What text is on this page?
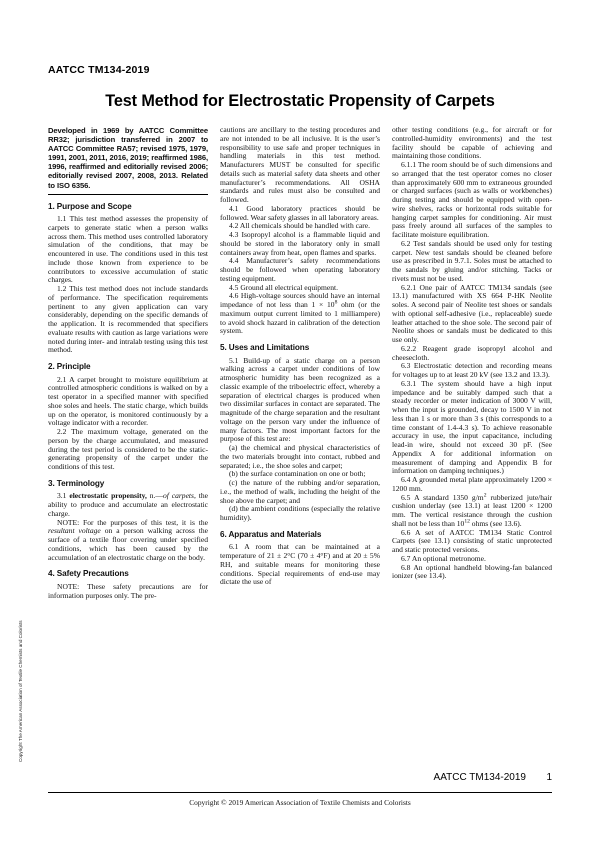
AATCC TM134-2019
Test Method for Electrostatic Propensity of Carpets
Developed in 1969 by AATCC Committee RR32; jurisdiction transferred in 2007 to AATCC Committee RA57; revised 1975, 1979, 1991, 2001, 2011, 2016, 2019; reaffirmed 1986, 1996, reaffirmed and editorially revised 2006; editorially revised 2007, 2008, 2013. Related to ISO 6356.
1. Purpose and Scope

1.1 This test method assesses the propensity of carpets to generate static when a person walks across them. This method uses controlled laboratory simulation of the conditions, that may be encountered in use. The conditions used in this test include those known from experience to be contributors to excessive accumulation of static charges.

1.2 This test method does not include standards of performance. The specification requirements pertinent to any given application can vary considerably, depending on the specific demands of the application. It is recommended that specifiers evaluate results with caution as large variations were noted during inter- and intralab testing using this test method.

2. Principle

2.1 A carpet brought to moisture equilibrium at controlled atmospheric conditions is walked on by a test operator in a specified manner with specified shoe soles and heels. The static charge, which builds up on the operator, is monitored continuously by a voltage indicator with a recorder.

2.2 The maximum voltage, generated on the person by the charge accumulated, and measured during the test period is considered to be the static-generating propensity of the carpet under the conditions of this test.

3. Terminology

3.1 electrostatic propensity, n.—of carpets, the ability to produce and accumulate an electrostatic charge.

NOTE: For the purposes of this test, it is the resultant voltage on a person walking across the surface of a textile floor covering under specified conditions, which has been caused by the accumulation of an electrostatic charge on the body.

4. Safety Precautions

NOTE: These safety precautions are for information purposes only. The pre-

cautions are ancillary to the testing procedures and are not intended to be all inclusive. It is the user’s responsibility to use safe and proper techniques in handling materials in this test method. Manufacturers MUST be consulted for specific details such as material safety data sheets and other manufacturer’s recommendations. All OSHA standards and rules must also be consulted and followed.

4.1 Good laboratory practices should be followed. Wear safety glasses in all laboratory areas.

4.2 All chemicals should be handled with care.

4.3 Isopropyl alcohol is a flammable liquid and should be stored in the laboratory only in small containers away from heat, open flames and sparks.

4.4 Manufacturer’s safety recommendations should be followed when operating laboratory testing equipment.

4.5 Ground all electrical equipment.

4.6 High-voltage sources should have an internal impedance of not less than $1 \times 10^8$ ohm (or the maximum output current limited to 1 milliampere) to avoid shock hazard in calibration of the detection system.

5. Uses and Limitations

5.1 Build-up of a static charge on a person walking across a carpet under conditions of low atmospheric humidity has been recognized as a classic example of the triboelectric effect, whereby a separation of electrical charges is produced when two dissimilar surfaces in contact are separated. The magnitude of the charge separation and the resultant voltage on the person vary under the influence of many factors. The most important factors for the purpose of this test are:

(a) the chemical and physical characteristics of the two materials brought into contact, rubbed and separated; i.e., the shoe soles and carpet;

(b) the surface contamination on one or both;

(c) the nature of the rubbing and/or separation, i.e., the method of walk, including the height of the shoe above the carpet; and

(d) the ambient conditions (especially the relative humidity).

6. Apparatus and Materials

6.1 A room that can be maintained at a temperature of 21 ± 2°C (70 ± 4°F) and at 20 ± 5% RH, and suitable means for monitoring these conditions. Special requirements of end-use may dictate the use of

other testing conditions (e.g., for aircraft or for controlled-humidity environments) and the test facility should be capable of achieving and maintaining those conditions.

6.1.1 The room should be of such dimensions and so arranged that the test operator comes no closer than approximately 600 mm to extraneous grounded or charged surfaces (such as walls or workbenches) during testing and should be equipped with open-wire shelves, racks or horizontal rods suitable for hanging carpet samples for conditioning. Air must pass freely around all surfaces of the samples to facilitate moisture equilibration.

6.2 Test sandals should be used only for testing carpet. New test sandals should be cleaned before use as prescribed in 9.7.1. Soles must be attached to the sandals by gluing and/or stitching. Tacks or rivets must not be used.

6.2.1 One pair of AATCC TM134 sandals (see 13.1) manufactured with XS 664 P-HK Neolite soles. A second pair of Neolite test shoes or sandals with optional self-adhesive (i.e., replaceable) suede leather attached to the shoe sole. The second pair of Neolite shoes or sandals must be dedicated to this use only.

6.2.2 Reagent grade isopropyl alcohol and cheesecloth.

6.3 Electrostatic detection and recording means for voltages up to at least 20 kV (see 13.2 and 13.3).

6.3.1 The system should have a high input impedance and be suitably damped such that a steady recorder or meter indication of 3000 V will, when the input is grounded, decay to 1500 V in not less than 1 s or more than 3 s (this corresponds to a time constant of 1.4-4.3 s). To achieve reasonable accuracy in use, the input capacitance, including lead-in wire, should not exceed 30 pF. (See Appendix A for additional information on measurement of damping and Appendix B for information on damping techniques.)

6.4 A grounded metal plate approximately 1200 × 1200 mm.

6.5 A standard 1350 $g/m^2$ rubberized jute/hair cushion underlay (see 13.1) at least 1200 × 1200 mm. The vertical resistance through the cushion shall not be less than $10^{12}$ ohms (see 13.6).

6.6 A set of AATCC TM134 Static Control Carpets (see 13.1) consisting of static unprotected and static protected versions.

6.7 An optional metronome.

6.8 An optional handheld blowing-fan balanced ionizer (see 13.4).

AATCC TM134-2019 1
Copyright The American Association of Textile Chemists and Colorists
Copyright © 2019 American Association of Textile Chemists and Colorists
